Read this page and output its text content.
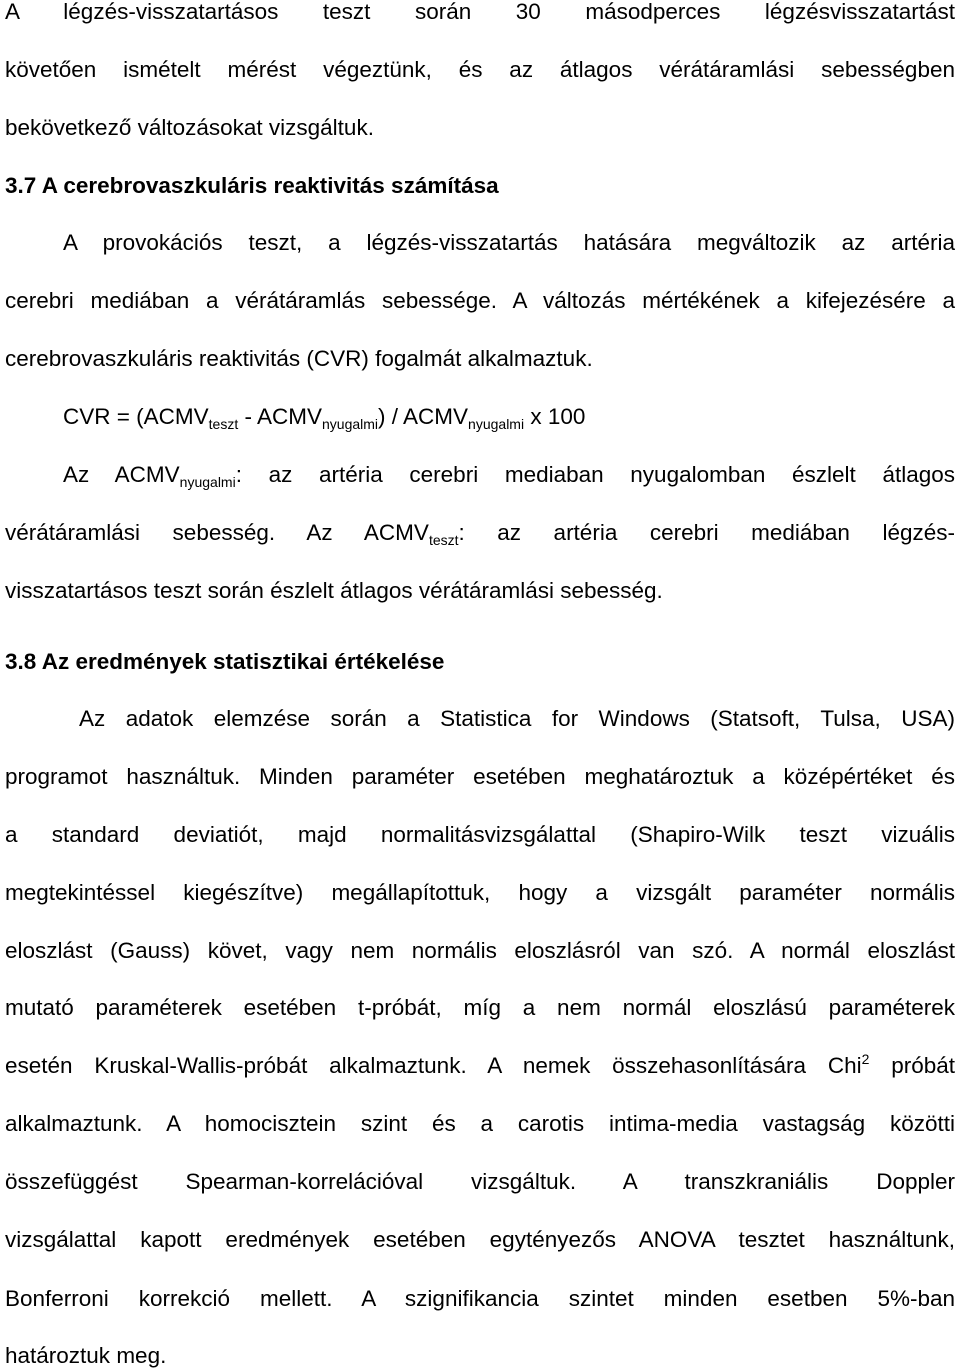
A légzés-visszatartásos teszt során 30 másodperces légzésvisszatartást
követően ismételt mérést végeztünk, és az átlagos vérátáramlási sebességben
bekövetkező változásokat vizsgáltuk.
3.7 A cerebrovaszkuláris reaktivitás számítása
A provokációs teszt, a légzés-visszatartás hatására megváltozik az artéria
cerebri mediában a vérátáramlás sebessége. A változás mértékének a kifejezésére a
cerebrovaszkuláris reaktivitás (CVR) fogalmát alkalmaztuk.
CVR = ($ACMV_{teszt}$ - $ACMV_{nyugalmi}$) / $ACMV_{nyugalmi}$ x 100
Az $ACMV_{nyugalmi}$: az artéria cerebri mediaban nyugalomban észlelt átlagos
vérátáramlási sebesség. Az $ACMV_{teszt}$: az artéria cerebri mediában légzés-
visszatartásos teszt során észlelt átlagos vérátáramlási sebesség.
3.8 Az eredmények statisztikai értékelése
Az adatok elemzése során a Statistica for Windows (Statsoft, Tulsa, USA)
programot használtuk. Minden paraméter esetében meghatároztuk a középértéket és
a standard deviatiót, majd normalitásvizsgálattal (Shapiro-Wilk teszt vizuális
megtekintéssel kiegészítve) megállapítottuk, hogy a vizsgált paraméter normális
eloszlást (Gauss) követ, vagy nem normális eloszlásról van szó. A normál eloszlást
mutató paraméterek esetében t-próbát, míg a nem normál eloszlású paraméterek
esetén Kruskal-Wallis-próbát alkalmaztunk. A nemek összehasonlítására Chi$^2$ próbát
alkalmaztunk. A homocisztein szint és a carotis intima-media vastagság közötti
összefüggést Spearman-korrelációval vizsgáltuk. A transzkraniális Doppler
vizsgálattal kapott eredmények esetében egytényezős ANOVA tesztet használtunk,
Bonferroni korrekció mellett. A szignifikancia szintet minden esetben 5%-ban
határoztuk meg.
